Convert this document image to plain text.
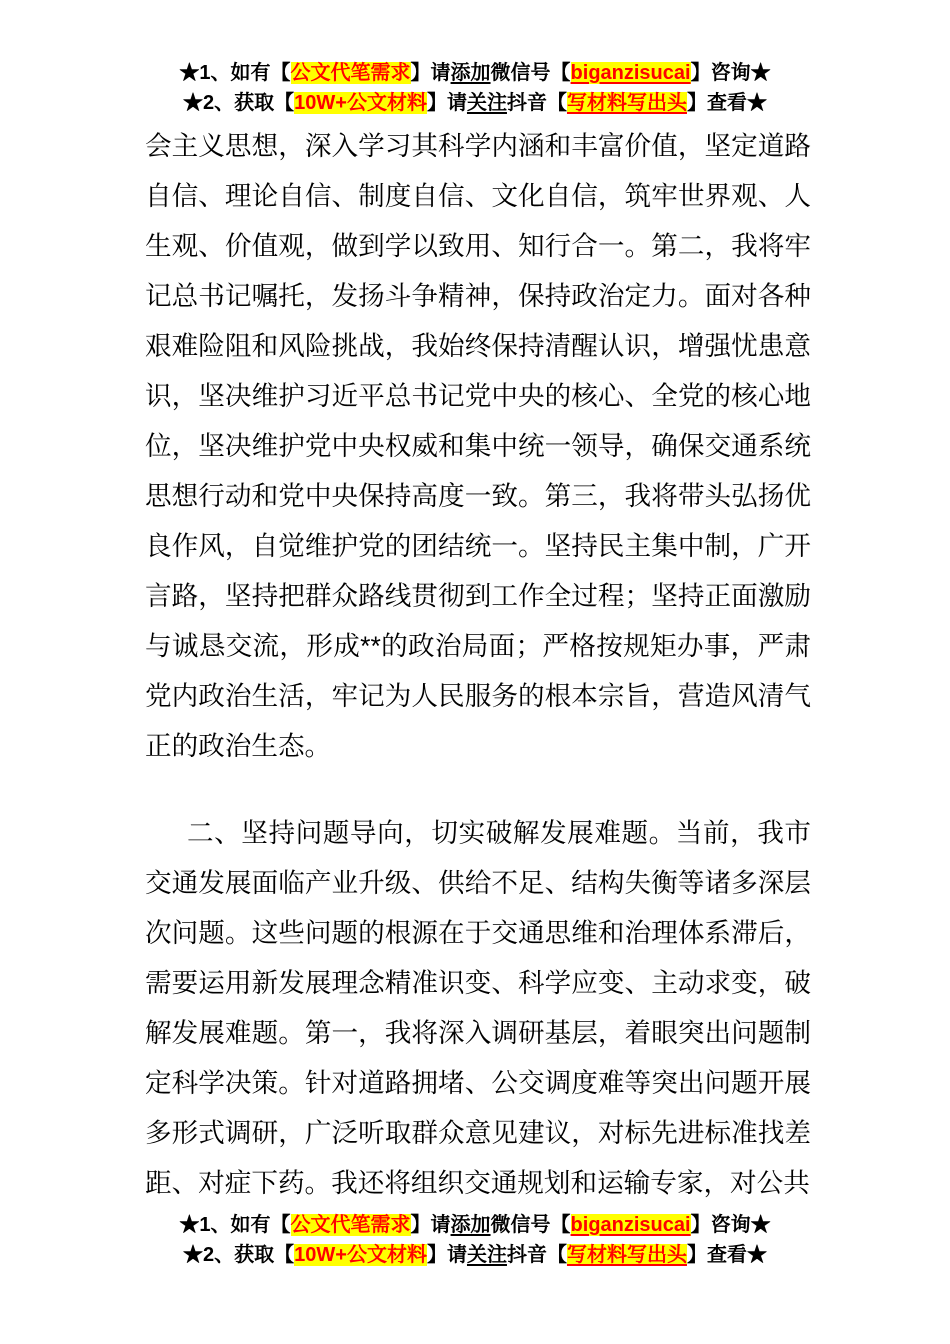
★1、如有【公文代笔需求】请添加微信号【biganzisucai】咨询★
★2、获取【10W+公文材料】请关注抖音【写材料写出头】查看★

会主义思想，深入学习其科学内涵和丰富价值，坚定道路自信、理论自信、制度自信、文化自信，筑牢世界观、人生观、价值观，做到学以致用、知行合一。第二，我将牢记总书记嘱托，发扬斗争精神，保持政治定力。面对各种艰难险阻和风险挑战，我始终保持清醒认识，增强忧患意识，坚决维护习近平总书记党中央的核心、全党的核心地位，坚决维护党中央权威和集中统一领导，确保交通系统思想行动和党中央保持高度一致。第三，我将带头弘扬优良作风，自觉维护党的团结统一。坚持民主集中制，广开言路，坚持把群众路线贯彻到工作全过程；坚持正面激励与诚恳交流，形成**的政治局面；严格按规矩办事，严肃党内政治生活，牢记为人民服务的根本宗旨，营造风清气正的政治生态。

二、坚持问题导向，切实破解发展难题。当前，我市交通发展面临产业升级、供给不足、结构失衡等诸多深层次问题。这些问题的根源在于交通思维和治理体系滞后，需要运用新发展理念精准识变、科学应变、主动求变，破解发展难题。第一，我将深入调研基层，着眼突出问题制定科学决策。针对道路拥堵、公交调度难等突出问题开展多形式调研，广泛听取群众意见建议，对标先进标准找差距、对症下药。我还将组织交通规划和运输专家，对公共

★1、如有【公文代笔需求】请添加微信号【biganzisucai】咨询★
★2、获取【10W+公文材料】请关注抖音【写材料写出头】查看★
